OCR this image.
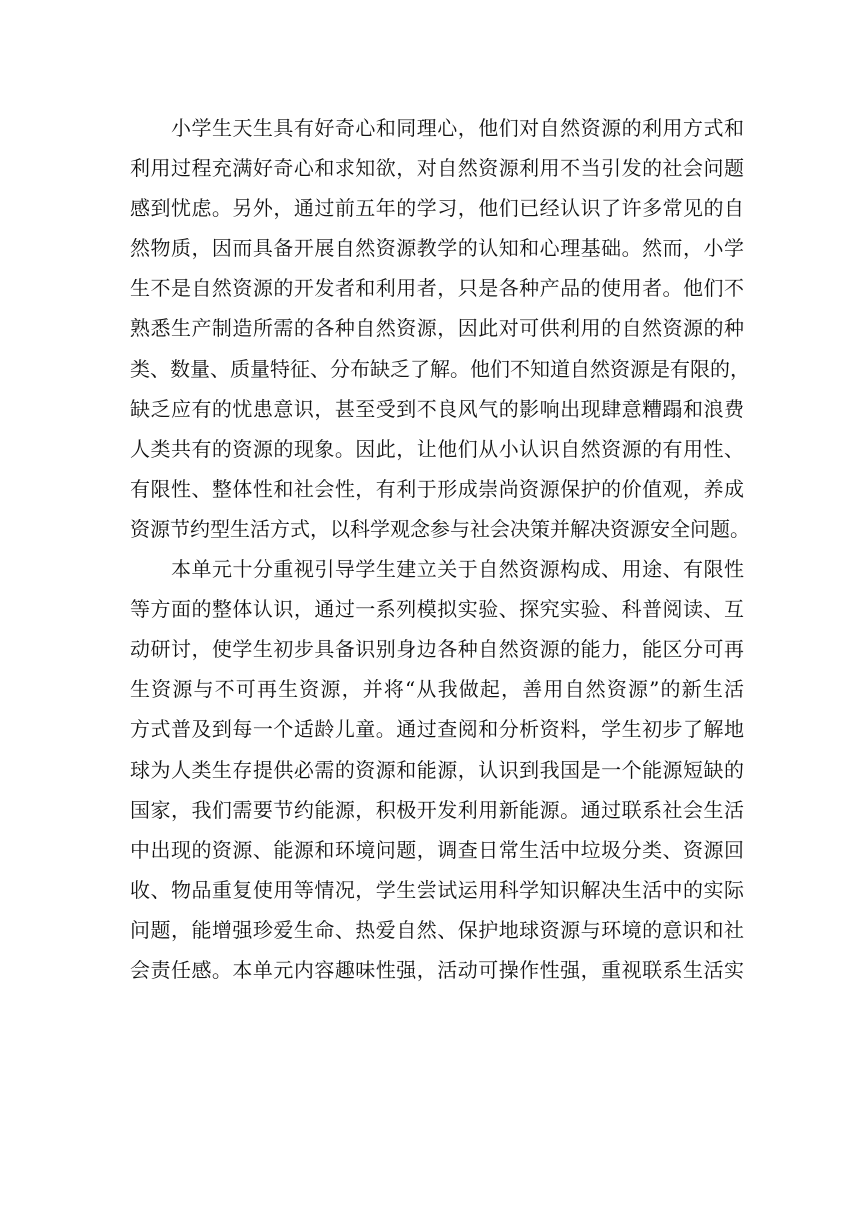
小学生天生具有好奇心和同理心，他们对自然资源的利用方式和
利用过程充满好奇心和求知欲，对自然资源利用不当引发的社会问题
感到忧虑。另外，通过前五年的学习，他们已经认识了许多常见的自
然物质，因而具备开展自然资源教学的认知和心理基础。然而，小学
生不是自然资源的开发者和利用者，只是各种产品的使用者。他们不
熟悉生产制造所需的各种自然资源，因此对可供利用的自然资源的种
类、数量、质量特征、分布缺乏了解。他们不知道自然资源是有限的，
缺乏应有的忧患意识，甚至受到不良风气的影响出现肆意糟蹋和浪费
人类共有的资源的现象。因此，让他们从小认识自然资源的有用性、
有限性、整体性和社会性，有利于形成崇尚资源保护的价值观，养成
资源节约型生活方式，以科学观念参与社会决策并解决资源安全问题。
本单元十分重视引导学生建立关于自然资源构成、用途、有限性
等方面的整体认识，通过一系列模拟实验、探究实验、科普阅读、互
动研讨，使学生初步具备识别身边各种自然资源的能力，能区分可再
生资源与不可再生资源，并将“从我做起，善用自然资源”的新生活
方式普及到每一个适龄儿童。通过查阅和分析资料，学生初步了解地
球为人类生存提供必需的资源和能源，认识到我国是一个能源短缺的
国家，我们需要节约能源，积极开发利用新能源。通过联系社会生活
中出现的资源、能源和环境问题，调查日常生活中垃圾分类、资源回
收、物品重复使用等情况，学生尝试运用科学知识解决生活中的实际
问题，能增强珍爱生命、热爱自然、保护地球资源与环境的意识和社
会责任感。本单元内容趣味性强，活动可操作性强，重视联系生活实
